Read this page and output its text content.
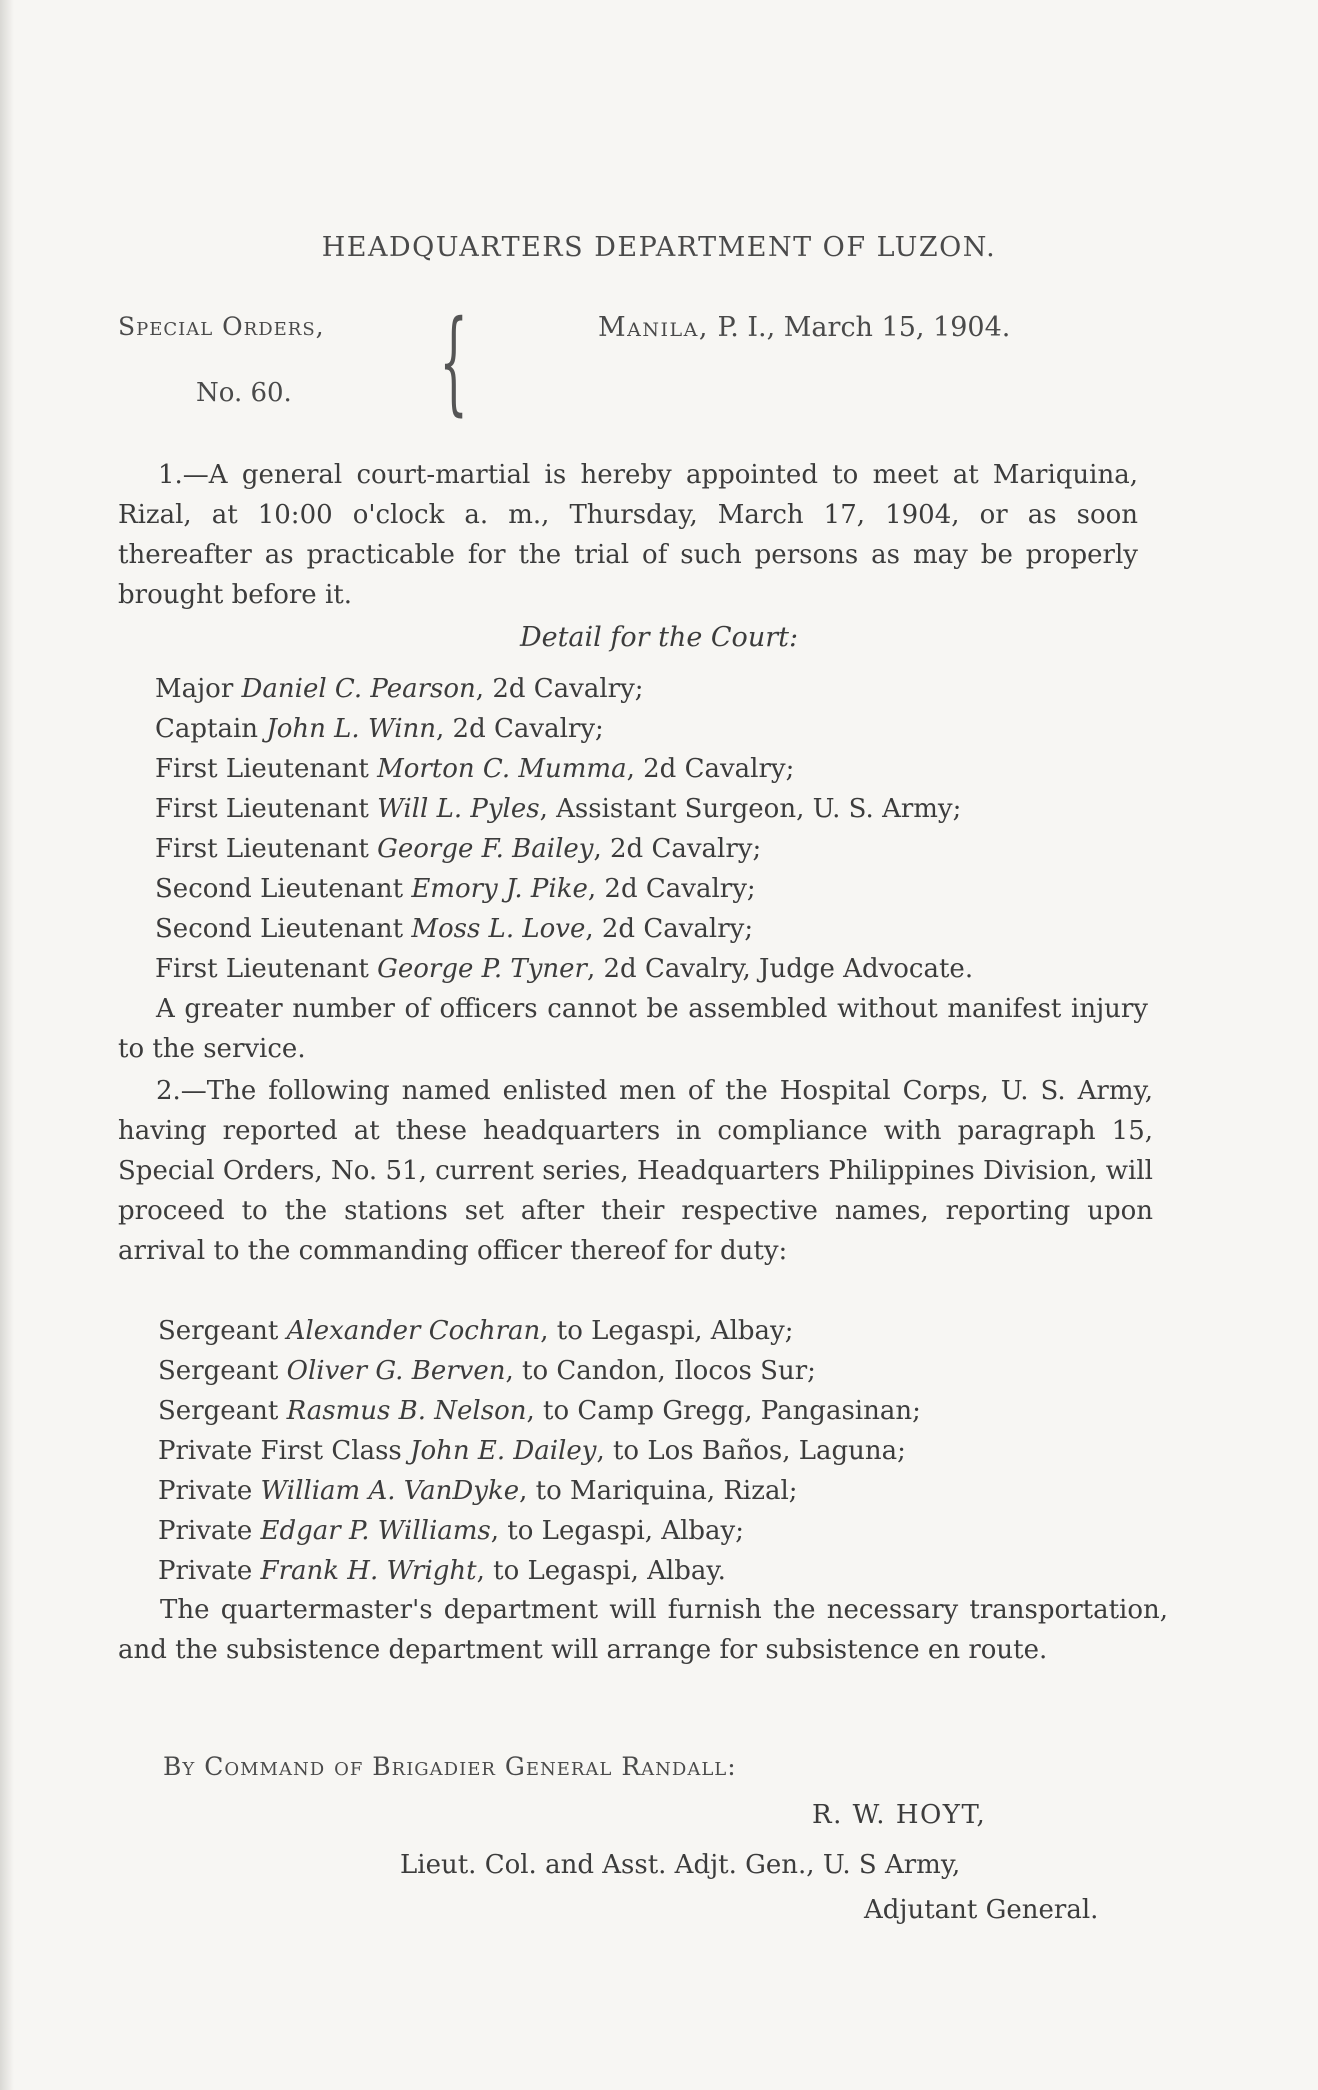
HEADQUARTERS DEPARTMENT OF LUZON.
Special Orders,
No. 60. {	Manila, P. I., March 15, 1904.
1.—A general court-martial is hereby appointed to meet at Mariquina, Rizal, at 10:00 o'clock a. m., Thursday, March 17, 1904, or as soon thereafter as practicable for the trial of such persons as may be properly brought before it.
Detail for the Court:
Major Daniel C. Pearson, 2d Cavalry;
Captain John L. Winn, 2d Cavalry;
First Lieutenant Morton C. Mumma, 2d Cavalry;
First Lieutenant Will L. Pyles, Assistant Surgeon, U. S. Army;
First Lieutenant George F. Bailey, 2d Cavalry;
Second Lieutenant Emory J. Pike, 2d Cavalry;
Second Lieutenant Moss L. Love, 2d Cavalry;
First Lieutenant George P. Tyner, 2d Cavalry, Judge Advocate.
A greater number of officers cannot be assembled without manifest injury to the service.
2.—The following named enlisted men of the Hospital Corps, U. S. Army, having reported at these headquarters in compliance with paragraph 15, Special Orders, No. 51, current series, Headquarters Philippines Division, will proceed to the stations set after their respective names, reporting upon arrival to the commanding officer thereof for duty:
Sergeant Alexander Cochran, to Legaspi, Albay;
Sergeant Oliver G. Berven, to Candon, Ilocos Sur;
Sergeant Rasmus B. Nelson, to Camp Gregg, Pangasinan;
Private First Class John E. Dailey, to Los Baños, Laguna;
Private William A. VanDyke, to Mariquina, Rizal;
Private Edgar P. Williams, to Legaspi, Albay;
Private Frank H. Wright, to Legaspi, Albay.
The quartermaster's department will furnish the necessary transportation, and the subsistence department will arrange for subsistence en route.
By Command of Brigadier General Randall:
R. W. HOYT,
Lieut. Col. and Asst. Adjt. Gen., U. S Army,
Adjutant General.
